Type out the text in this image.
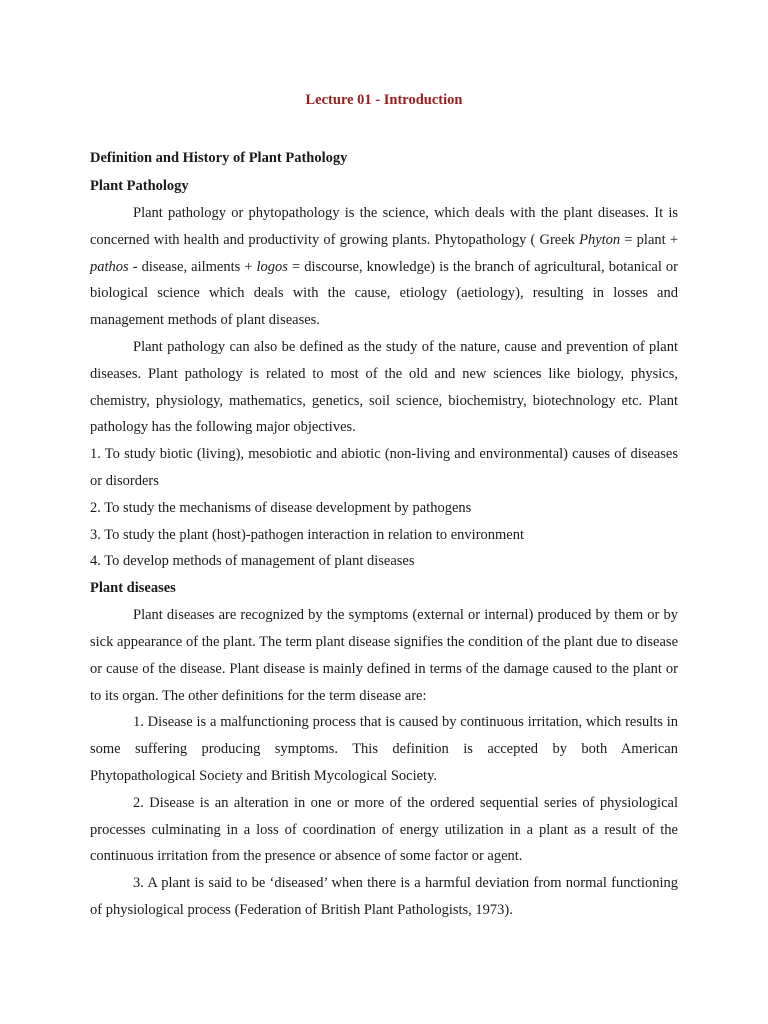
Lecture 01 - Introduction
Definition and History of Plant Pathology
Plant Pathology

Plant pathology or phytopathology is the science, which deals with the plant diseases. It is concerned with health and productivity of growing plants. Phytopathology ( Greek Phyton = plant + pathos - disease, ailments + logos = discourse, knowledge) is the branch of agricultural, botanical or biological science which deals with the cause, etiology (aetiology), resulting in losses and management methods of plant diseases.

Plant pathology can also be defined as the study of the nature, cause and prevention of plant diseases. Plant pathology is related to most of the old and new sciences like biology, physics, chemistry, physiology, mathematics, genetics, soil science, biochemistry, biotechnology etc. Plant pathology has the following major objectives.

1. To study biotic (living), mesobiotic and abiotic (non-living and environmental) causes of diseases or disorders

2. To study the mechanisms of disease development by pathogens

3. To study the plant (host)-pathogen interaction in relation to environment

4. To develop methods of management of plant diseases

Plant diseases

Plant diseases are recognized by the symptoms (external or internal) produced by them or by sick appearance of the plant. The term plant disease signifies the condition of the plant due to disease or cause of the disease. Plant disease is mainly defined in terms of the damage caused to the plant or to its organ. The other definitions for the term disease are:

1. Disease is a malfunctioning process that is caused by continuous irritation, which results in some suffering producing symptoms. This definition is accepted by both American Phytopathological Society and British Mycological Society.

2. Disease is an alteration in one or more of the ordered sequential series of physiological processes culminating in a loss of coordination of energy utilization in a plant as a result of the continuous irritation from the presence or absence of some factor or agent.

3. A plant is said to be ‘diseased’ when there is a harmful deviation from normal functioning of physiological process (Federation of British Plant Pathologists, 1973).
